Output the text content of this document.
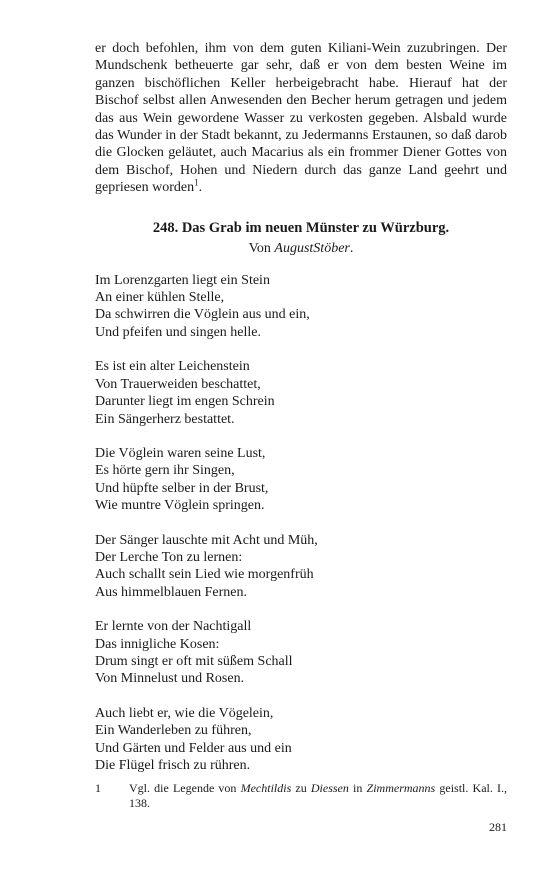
er doch befohlen, ihm von dem guten Kiliani-Wein zuzubringen. Der Mundschenk betheuerte gar sehr, daß er von dem besten Weine im ganzen bischöflichen Keller herbeigebracht habe. Hierauf hat der Bischof selbst allen Anwesenden den Becher herum getragen und jedem das aus Wein gewordene Wasser zu verkosten gegeben. Alsbald wurde das Wunder in der Stadt bekannt, zu Jedermanns Erstaunen, so daß darob die Glocken geläutet, auch Macarius als ein frommer Diener Gottes von dem Bischof, Hohen und Niedern durch das ganze Land geehrt und gepriesen worden$^1$.

248. Das Grab im neuen Münster zu Würzburg.

Von AugustStöber.

Im Lorenzgarten liegt ein Stein
An einer kühlen Stelle,
Da schwirren die Vöglein aus und ein,
Und pfeifen und singen helle.
Es ist ein alter Leichenstein
Von Trauerweiden beschattet,
Darunter liegt im engen Schrein
Ein Sängerherz bestattet.
Die Vöglein waren seine Lust,
Es hörte gern ihr Singen,
Und hüpfte selber in der Brust,
Wie muntre Vöglein springen.
Der Sänger lauschte mit Acht und Müh,
Der Lerche Ton zu lernen:
Auch schallt sein Lied wie morgenfrüh
Aus himmelblauen Fernen.
Er lernte von der Nachtigall
Das innigliche Kosen:
Drum singt er oft mit süßem Schall
Von Minnelust und Rosen.
Auch liebt er, wie die Vögelein,
Ein Wanderleben zu führen,
Und Gärten und Felder aus und ein
Die Flügel frisch zu rühren.
1	Vgl. die Legende von Mechtildis zu Diessen in Zimmermanns geistl. Kal. I., 138.
281
